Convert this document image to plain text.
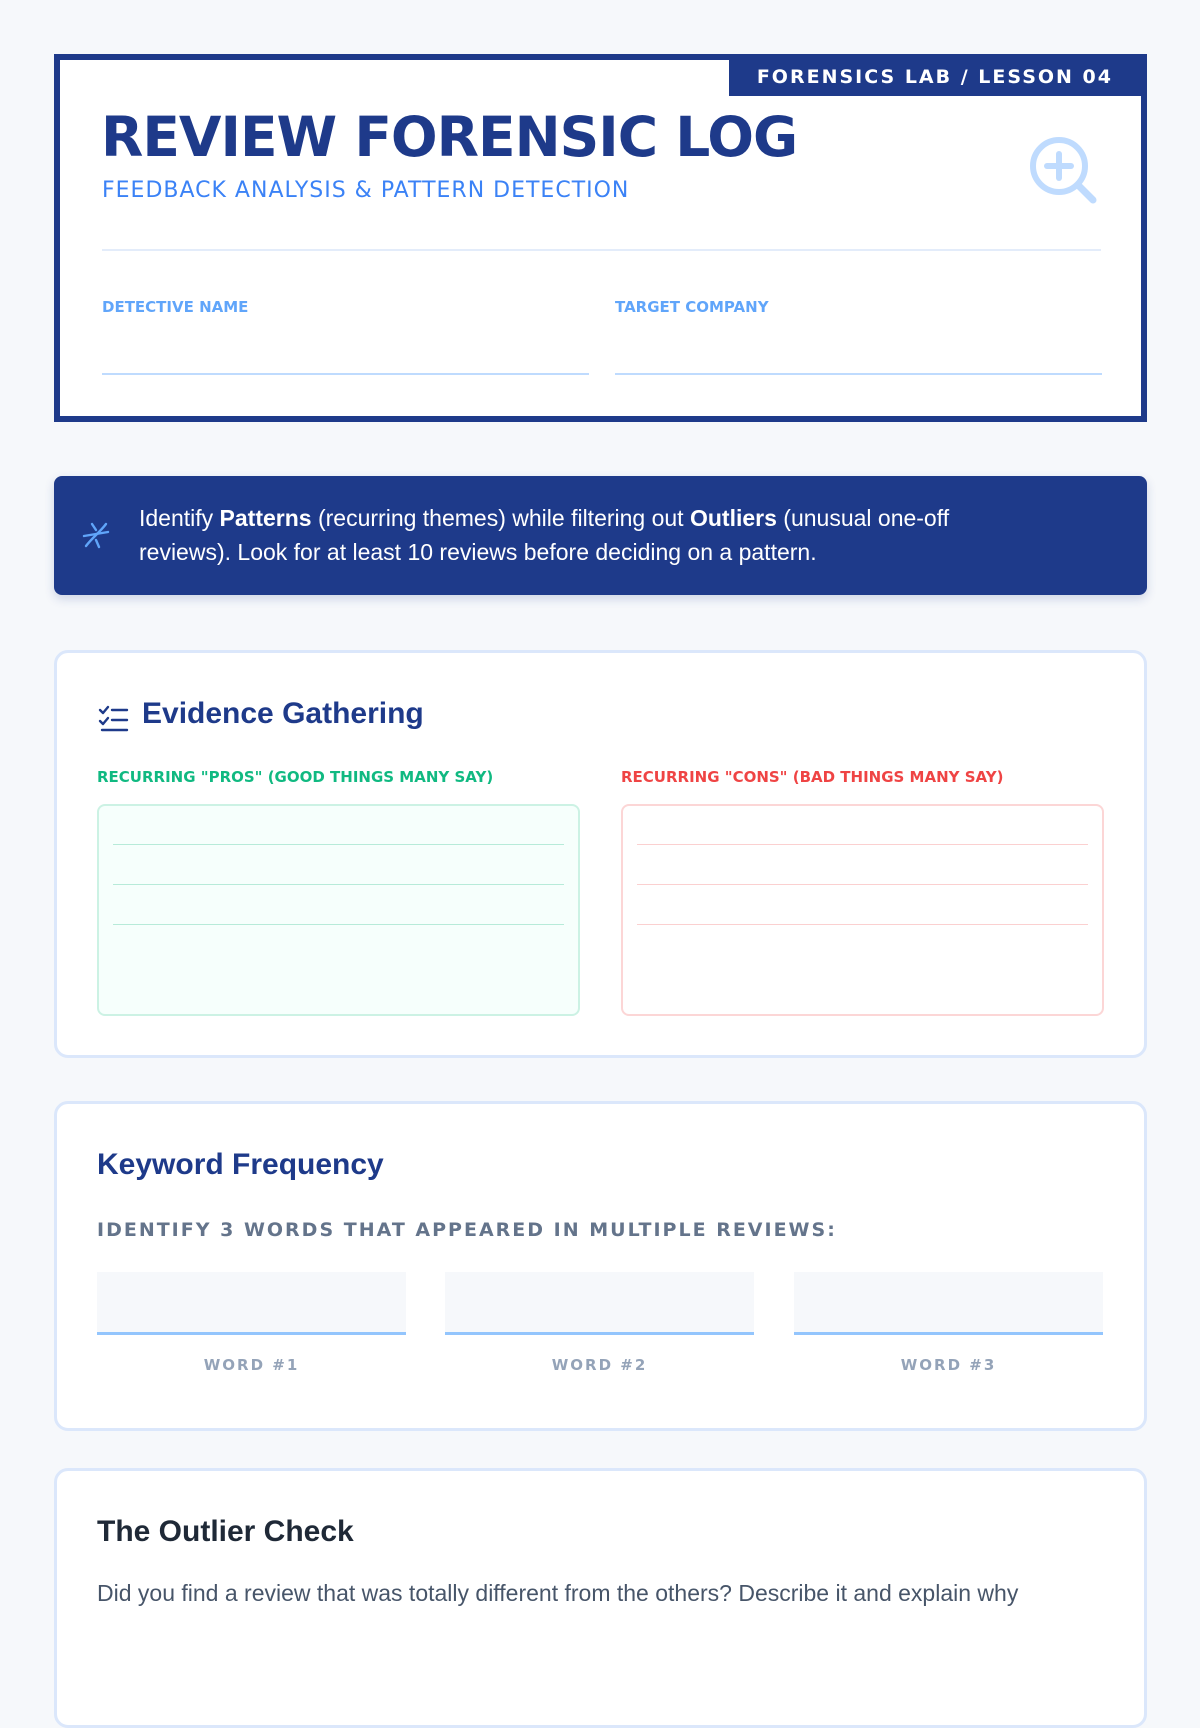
FORENSICS LAB / LESSON 04
REVIEW FORENSIC LOG
FEEDBACK ANALYSIS & PATTERN DETECTION
DETECTIVE NAME	TARGET COMPANY
Identify Patterns (recurring themes) while filtering out Outliers (unusual one-off reviews). Look for at least 10 reviews before deciding on a pattern.
Evidence Gathering
RECURRING "PROS" (GOOD THINGS MANY SAY)	RECURRING "CONS" (BAD THINGS MANY SAY)
Keyword Frequency
IDENTIFY 3 WORDS THAT APPEARED IN MULTIPLE REVIEWS:
WORD #1	WORD #2	WORD #3
The Outlier Check
Did you find a review that was totally different from the others? Describe it and explain why
